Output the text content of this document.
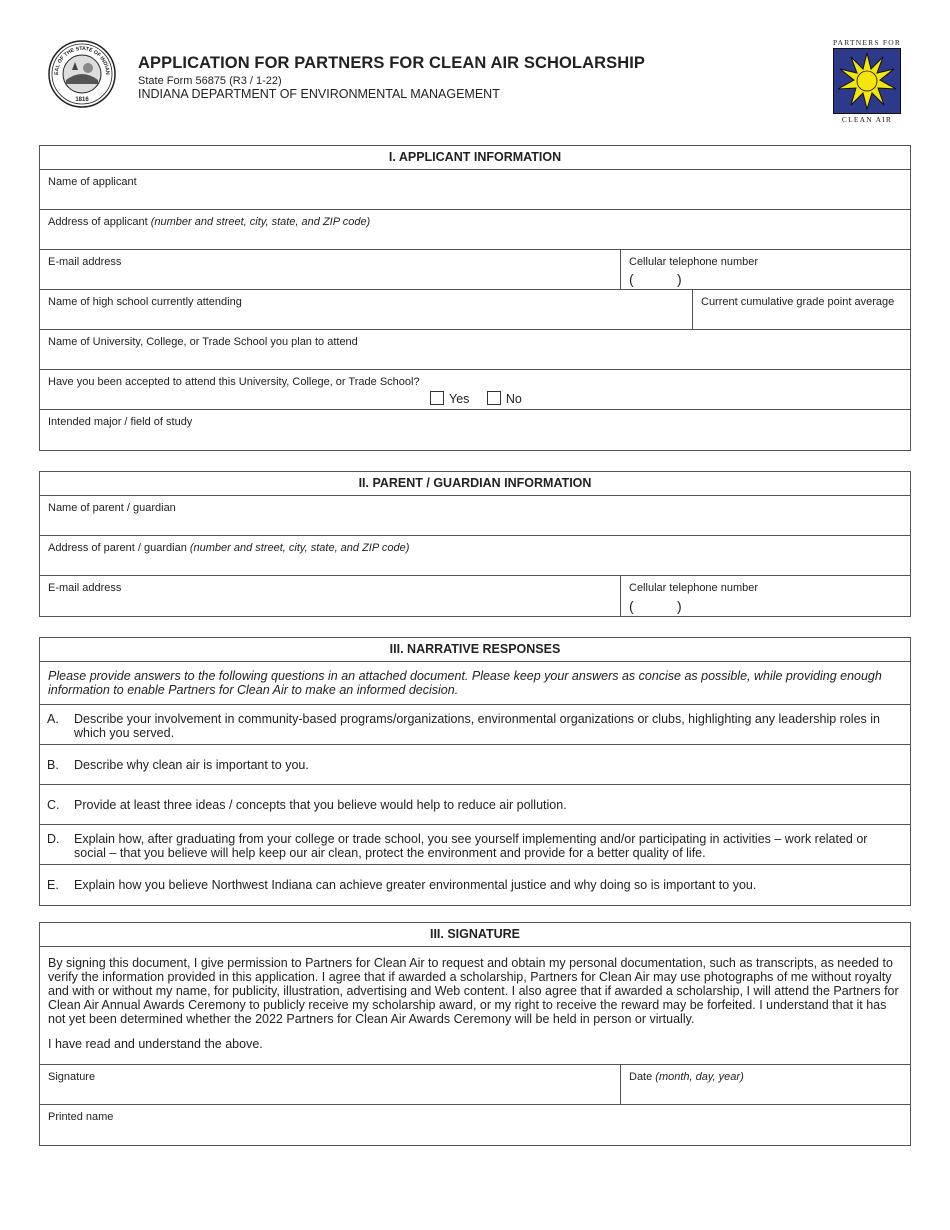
EAL OF THE STATE OF INDIAN
1816
APPLICATION FOR PARTNERS FOR CLEAN AIR SCHOLARSHIP
State Form 56875 (R3 / 1-22)
INDIANA DEPARTMENT OF ENVIRONMENTAL MANAGEMENT
PARTNERS FOR
CLEAN AIR
I. APPLICANT INFORMATION
Name of applicant
Address of applicant (number and street, city, state, and ZIP code)
E-mail address	Cellular telephone number
(	)
Name of high school currently attending	Current cumulative grade point average
Name of University, College, or Trade School you plan to attend
Have you been accepted to attend this University, College, or Trade School?
Yes	No
Intended major / field of study
II. PARENT / GUARDIAN INFORMATION
Name of parent / guardian
Address of parent / guardian (number and street, city, state, and ZIP code)
E-mail address	Cellular telephone number
(	)
III. NARRATIVE RESPONSES
Please provide answers to the following questions in an attached document. Please keep your answers as concise as possible, while providing enough information to enable Partners for Clean Air to make an informed decision.
A. Describe your involvement in community-based programs/organizations, environmental organizations or clubs, highlighting any leadership roles in which you served.
B. Describe why clean air is important to you.
C. Provide at least three ideas / concepts that you believe would help to reduce air pollution.
D. Explain how, after graduating from your college or trade school, you see yourself implementing and/or participating in activities – work related or social – that you believe will help keep our air clean, protect the environment and provide for a better quality of life.
E. Explain how you believe Northwest Indiana can achieve greater environmental justice and why doing so is important to you.
III. SIGNATURE

By signing this document, I give permission to Partners for Clean Air to request and obtain my personal documentation, such as transcripts, as needed to verify the information provided in this application. I agree that if awarded a scholarship, Partners for Clean Air may use photographs of me without royalty and with or without my name, for publicity, illustration, advertising and Web content. I also agree that if awarded a scholarship, I will attend the Partners for Clean Air Annual Awards Ceremony to publicly receive my scholarship award, or my right to receive the reward may be forfeited. I understand that it has not yet been determined whether the 2022 Partners for Clean Air Awards Ceremony will be held in person or virtually.

I have read and understand the above.

Signature	Date (month, day, year)
Printed name
